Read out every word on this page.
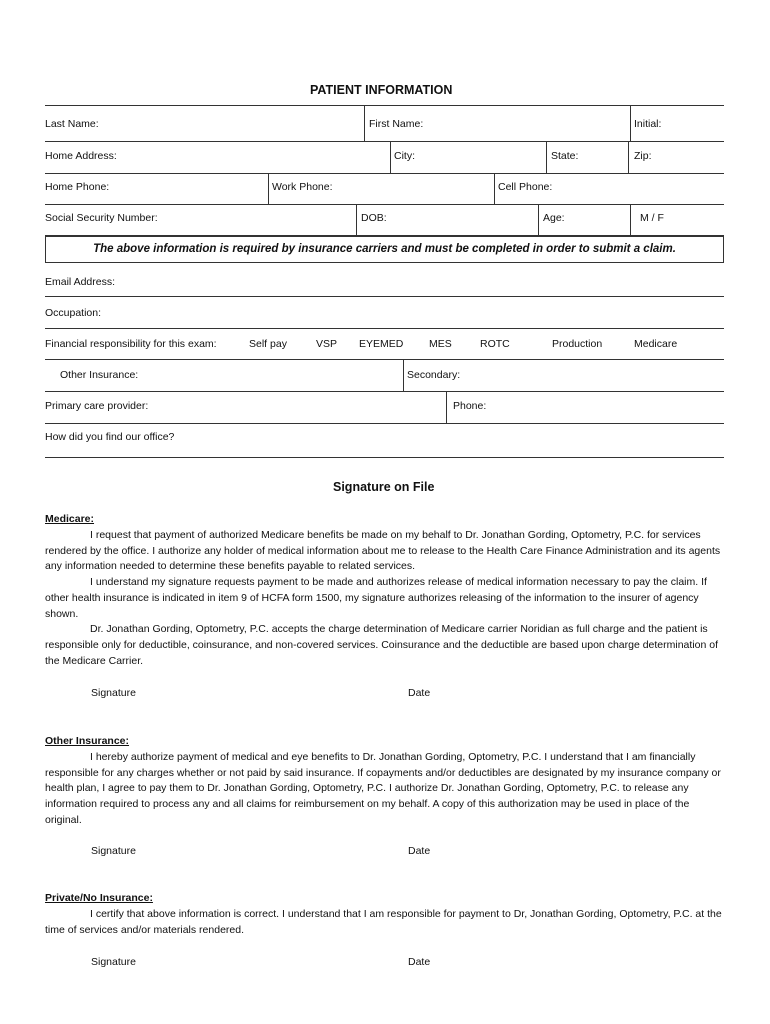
PATIENT INFORMATION
Last Name:	First Name:	Initial:
Home Address:	City:	State:	Zip:
Home Phone:	Work Phone:	Cell Phone:
Social Security Number:	DOB:	Age:	M / F
The above information is required by insurance carriers and must be completed in order to submit a claim.
Email Address:
Occupation:
Financial responsibility for this exam:	Self pay	VSP EYEMED MES	ROTC	Production	Medicare
Other Insurance:	Secondary:
Primary care provider:	Phone:
How did you find our office?
Signature on File
Medicare:

I request that payment of authorized Medicare benefits be made on my behalf to Dr. Jonathan Gording, Optometry, P.C. for services rendered by the office. I authorize any holder of medical information about me to release to the Health Care Finance Administration and its agents any information needed to determine these benefits payable to related services.

I understand my signature requests payment to be made and authorizes release of medical information necessary to pay the claim. If other health insurance is indicated in item 9 of HCFA form 1500, my signature authorizes releasing of the information to the insurer of agency shown.

Dr. Jonathan Gording, Optometry, P.C. accepts the charge determination of Medicare carrier Noridian as full charge and the patient is responsible only for deductible, coinsurance, and non-covered services. Coinsurance and the deductible are based upon charge determination of the Medicare Carrier.

Signature	Date
Other Insurance:

I hereby authorize payment of medical and eye benefits to Dr. Jonathan Gording, Optometry, P.C. I understand that I am financially responsible for any charges whether or not paid by said insurance. If copayments and/or deductibles are designated by my insurance company or health plan, I agree to pay them to Dr. Jonathan Gording, Optometry, P.C. I authorize Dr. Jonathan Gording, Optometry, P.C. to release any information required to process any and all claims for reimbursement on my behalf. A copy of this authorization may be used in place of the original.

Signature	Date
Private/No Insurance:

I certify that above information is correct. I understand that I am responsible for payment to Dr, Jonathan Gording, Optometry, P.C. at the time of services and/or materials rendered.

Signature	Date
